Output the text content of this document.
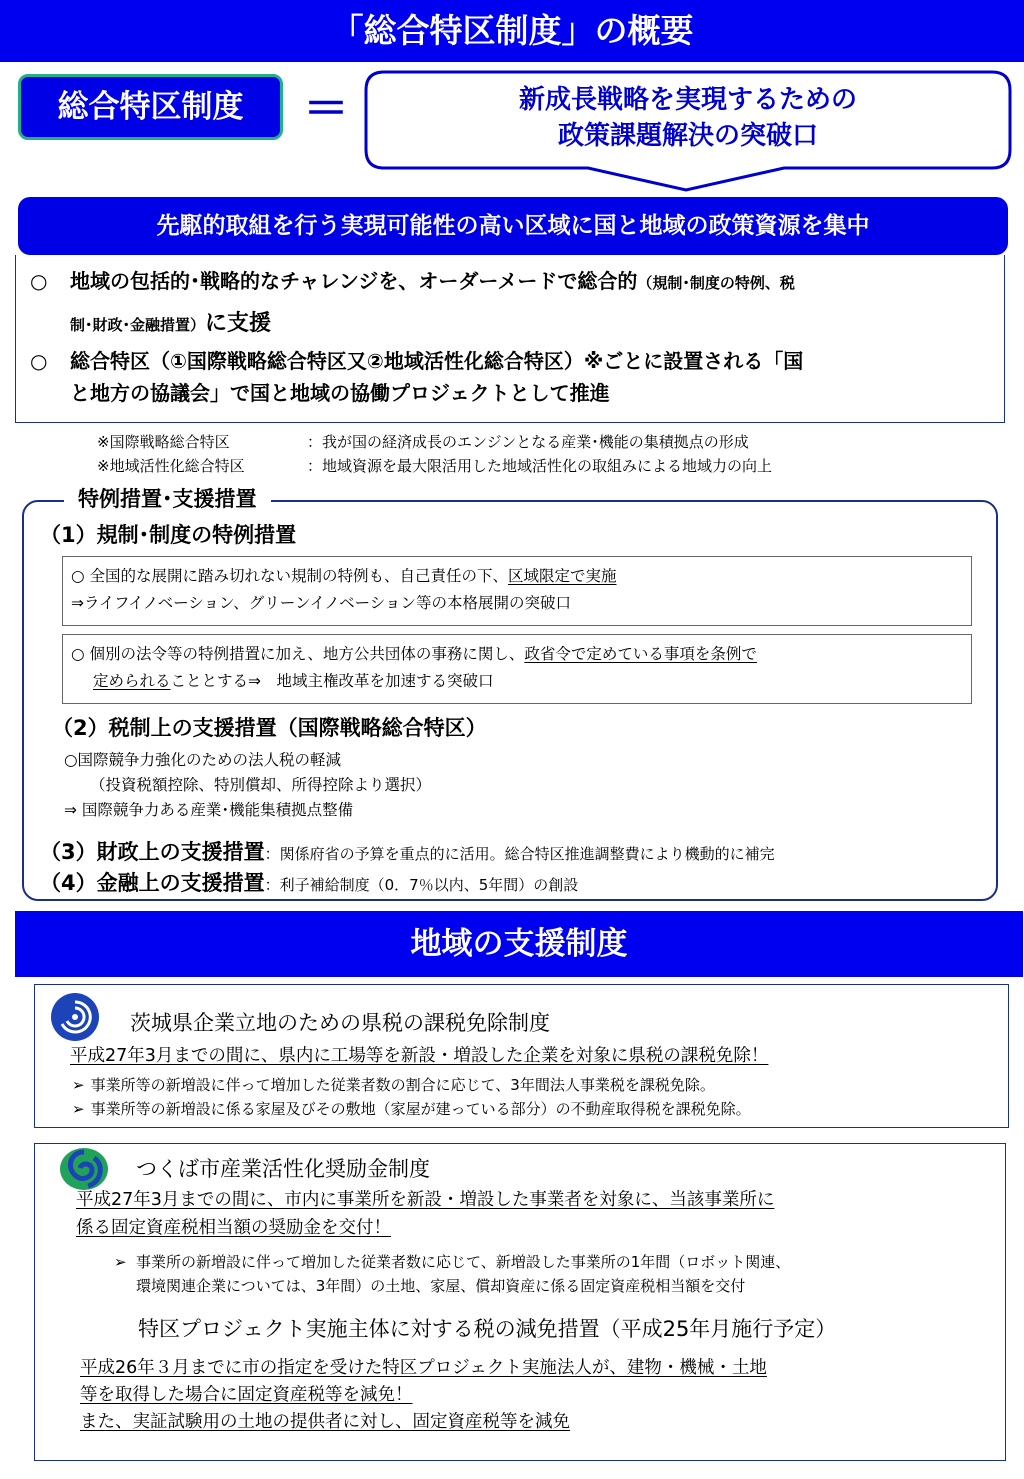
「総合特区制度」の概要
総合特区制度	＝	新成長戦略を実現するための
政策課題解決の突破口
先駆的取組を行う実現可能性の高い区域に国と地域の政策資源を集中
○ 地域の包括的･戦略的なチャレンジを、オーダーメードで総合的（規制･制度の特例、税
制･財政･金融措置）に支援
○ 総合特区（①国際戦略総合特区又②地域活性化総合特区）※ごとに設置される「国
と地方の協議会」で国と地域の協働プロジェクトとして推進
※国際戦略総合特区	：我が国の経済成長のエンジンとなる産業･機能の集積拠点の形成
※地域活性化総合特区	：地域資源を最大限活用した地域活性化の取組みによる地域力の向上
特例措置･支援措置
（1）規制･制度の特例措置
○ 全国的な展開に踏み切れない規制の特例も、自己責任の下、区域限定で実施
⇒ライフイノベーション、グリーンイノベーション等の本格展開の突破口
○ 個別の法令等の特例措置に加え、地方公共団体の事務に関し、政省令で定めている事項を条例で
定められることとする⇒　地域主権改革を加速する突破口
（2）税制上の支援措置（国際戦略総合特区）
○国際競争力強化のための法人税の軽減
（投資税額控除、特別償却、所得控除より選択）
⇒ 国際競争力ある産業･機能集積拠点整備
（3）財政上の支援措置：関係府省の予算を重点的に活用。総合特区推進調整費により機動的に補完
（4）金融上の支援措置：利子補給制度（0．7％以内、5年間）の創設
地域の支援制度
茨城県企業立地のための県税の課税免除制度
平成27年3月までの間に、県内に工場等を新設・増設した企業を対象に県税の課税免除！
➢ 事業所等の新増設に伴って増加した従業者数の割合に応じて、3年間法人事業税を課税免除。
➢ 事業所等の新増設に係る家屋及びその敷地（家屋が建っている部分）の不動産取得税を課税免除。
つくば市産業活性化奨励金制度
平成27年3月までの間に、市内に事業所を新設・増設した事業者を対象に、当該事業所に
係る固定資産税相当額の奨励金を交付！
➢ 事業所の新増設に伴って増加した従業者数に応じて、新増設した事業所の1年間（ロボット関連、
環境関連企業については、3年間）の土地、家屋、償却資産に係る固定資産税相当額を交付
特区プロジェクト実施主体に対する税の減免措置（平成25年月施行予定）
平成26年３月までに市の指定を受けた特区プロジェクト実施法人が、建物・機械・土地
等を取得した場合に固定資産税等を減免！
また、実証試験用の土地の提供者に対し、固定資産税等を減免
